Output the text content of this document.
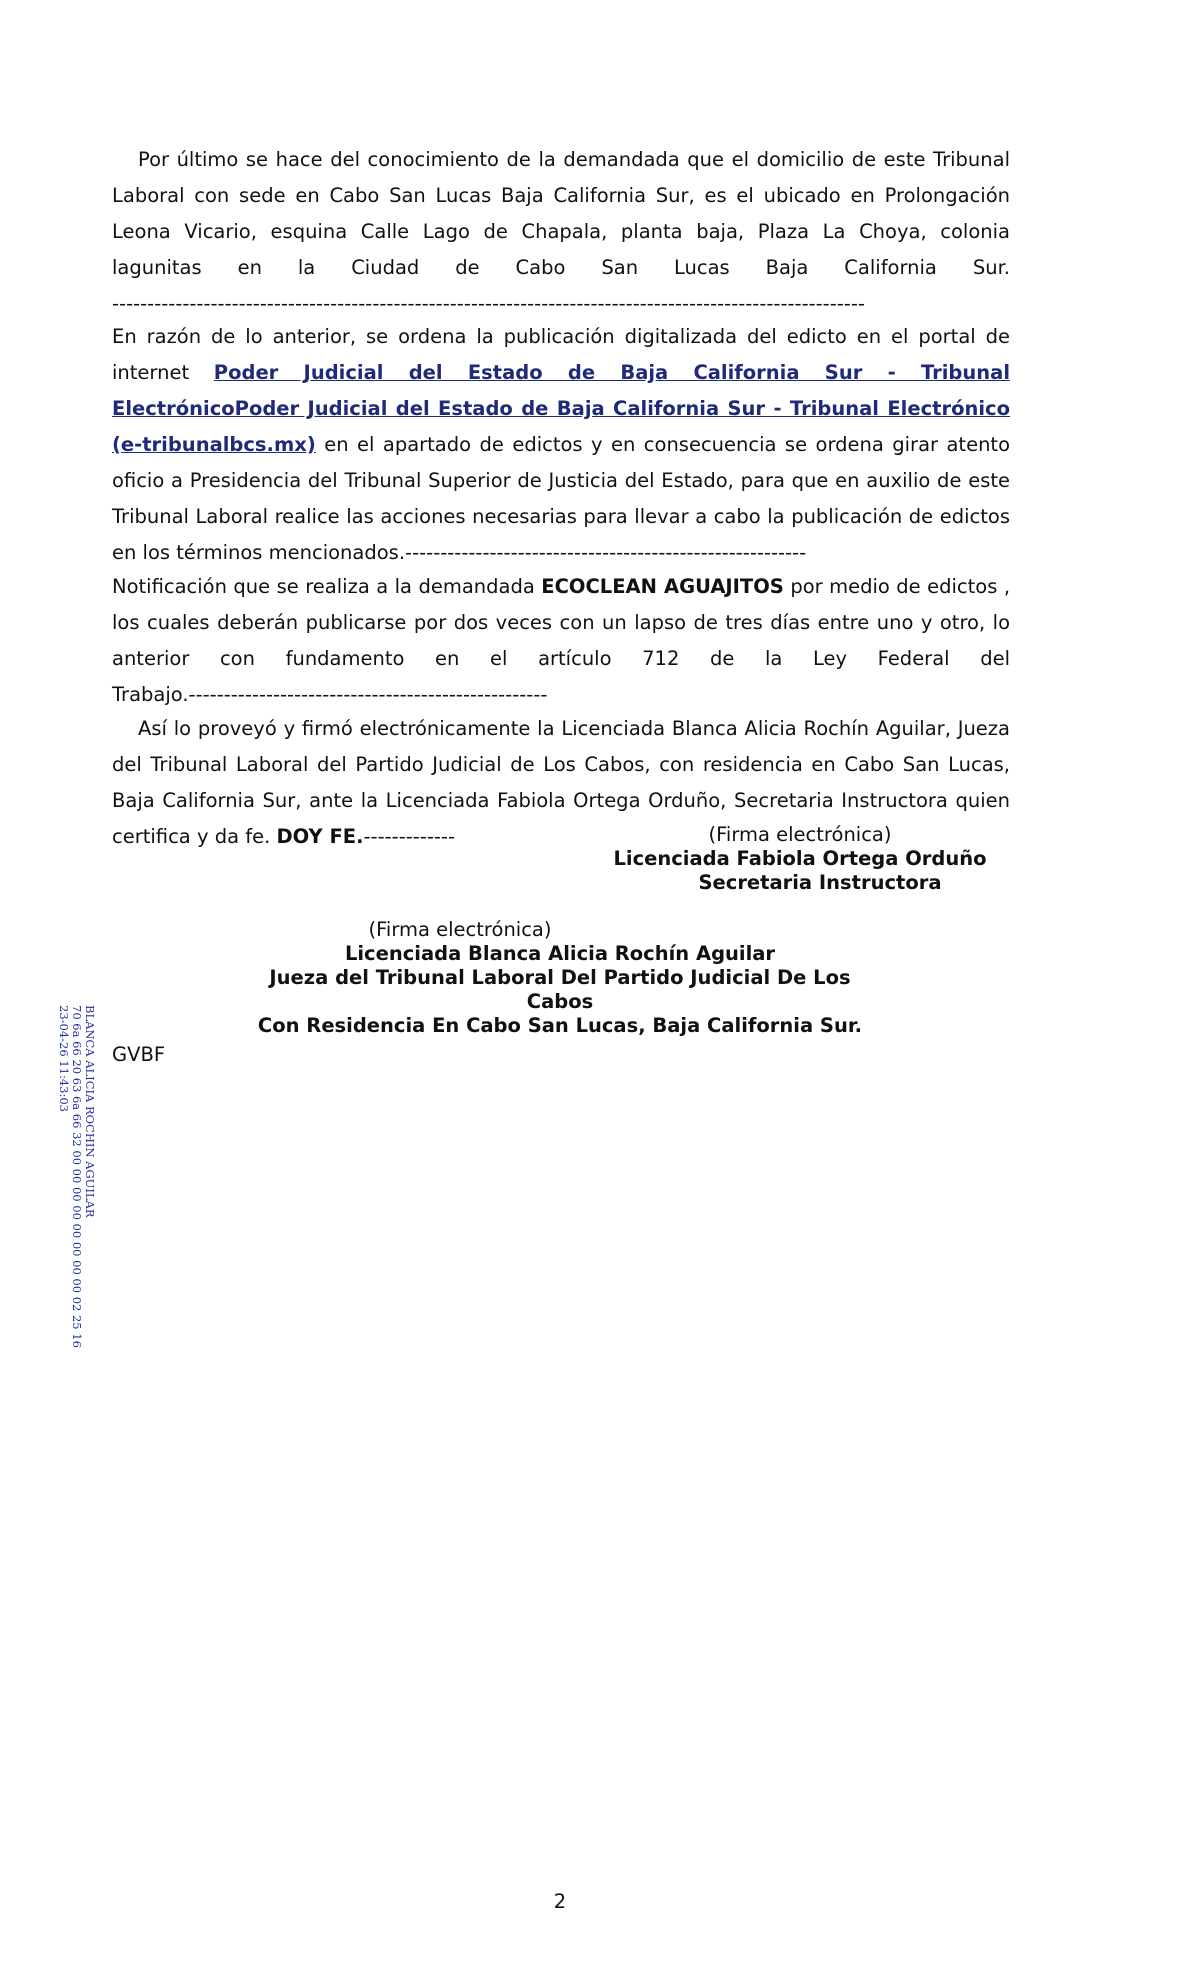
Por último se hace del conocimiento de la demandada que el domicilio de este Tribunal Laboral con sede en Cabo San Lucas Baja California Sur, es el ubicado en Prolongación Leona Vicario, esquina Calle Lago de Chapala, planta baja, Plaza La Choya, colonia lagunitas en la Ciudad de Cabo San Lucas Baja California Sur. -----------------------------------------------------------------------------------------------------------

En razón de lo anterior, se ordena la publicación digitalizada del edicto en el portal de internet Poder Judicial del Estado de Baja California Sur - Tribunal ElectrónicoPoder Judicial del Estado de Baja California Sur - Tribunal Electrónico (e-tribunalbcs.mx) en el apartado de edictos y en consecuencia se ordena girar atento oficio a Presidencia del Tribunal Superior de Justicia del Estado, para que en auxilio de este Tribunal Laboral realice las acciones necesarias para llevar a cabo la publicación de edictos en los términos mencionados.---------------------------------------------------------

Notificación que se realiza a la demandada ECOCLEAN AGUAJITOS por medio de edictos , los cuales deberán publicarse por dos veces con un lapso de tres días entre uno y otro, lo anterior con fundamento en el artículo 712 de la Ley Federal del Trabajo.---------------------------------------------------

Así lo proveyó y firmó electrónicamente la Licenciada Blanca Alicia Rochín Aguilar, Jueza del Tribunal Laboral del Partido Judicial de Los Cabos, con residencia en Cabo San Lucas, Baja California Sur, ante la Licenciada Fabiola Ortega Orduño, Secretaria Instructora quien certifica y da fe. DOY FE.-------------	(Firma electrónica)
Licenciada Fabiola Ortega Orduño
Secretaria Instructora
(Firma electrónica)
Licenciada Blanca Alicia Rochín Aguilar
Jueza del Tribunal Laboral Del Partido Judicial De Los Cabos
Con Residencia En Cabo San Lucas, Baja California Sur.
BLANCA ALICIA ROCHIN AGUILAR
70 6a 66 20 63 6a 66 32 00 00 00 00 00 00 00 00 02 25 16
23-04-26 11:43:03 GVBF
2
